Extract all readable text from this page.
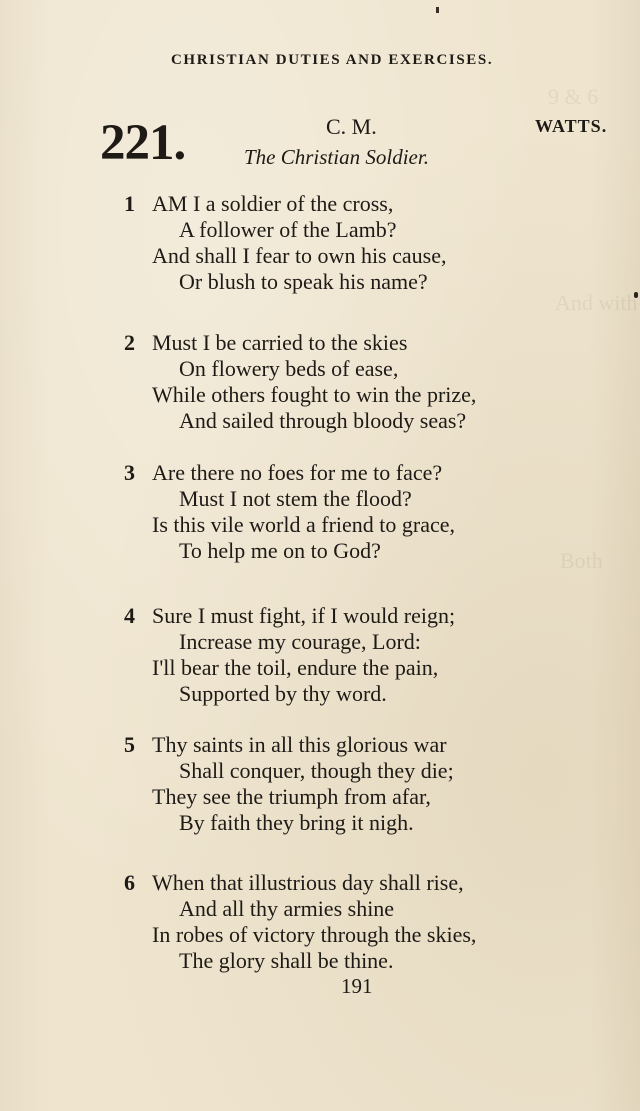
9 & 6
And with
Both
CHRISTIAN DUTIES AND EXERCISES.
221.	C. M.	WATTS.
The Christian Soldier.
1 AM I a soldier of the cross,
A follower of the Lamb?
And shall I fear to own his cause,
Or blush to speak his name?
2 Must I be carried to the skies
On flowery beds of ease,
While others fought to win the prize,
And sailed through bloody seas?
3 Are there no foes for me to face?
Must I not stem the flood?
Is this vile world a friend to grace,
To help me on to God?
4 Sure I must fight, if I would reign;
Increase my courage, Lord:
I'll bear the toil, endure the pain,
Supported by thy word.
5 Thy saints in all this glorious war
Shall conquer, though they die;
They see the triumph from afar,
By faith they bring it nigh.
6 When that illustrious day shall rise,
And all thy armies shine
In robes of victory through the skies,
The glory shall be thine.
191
